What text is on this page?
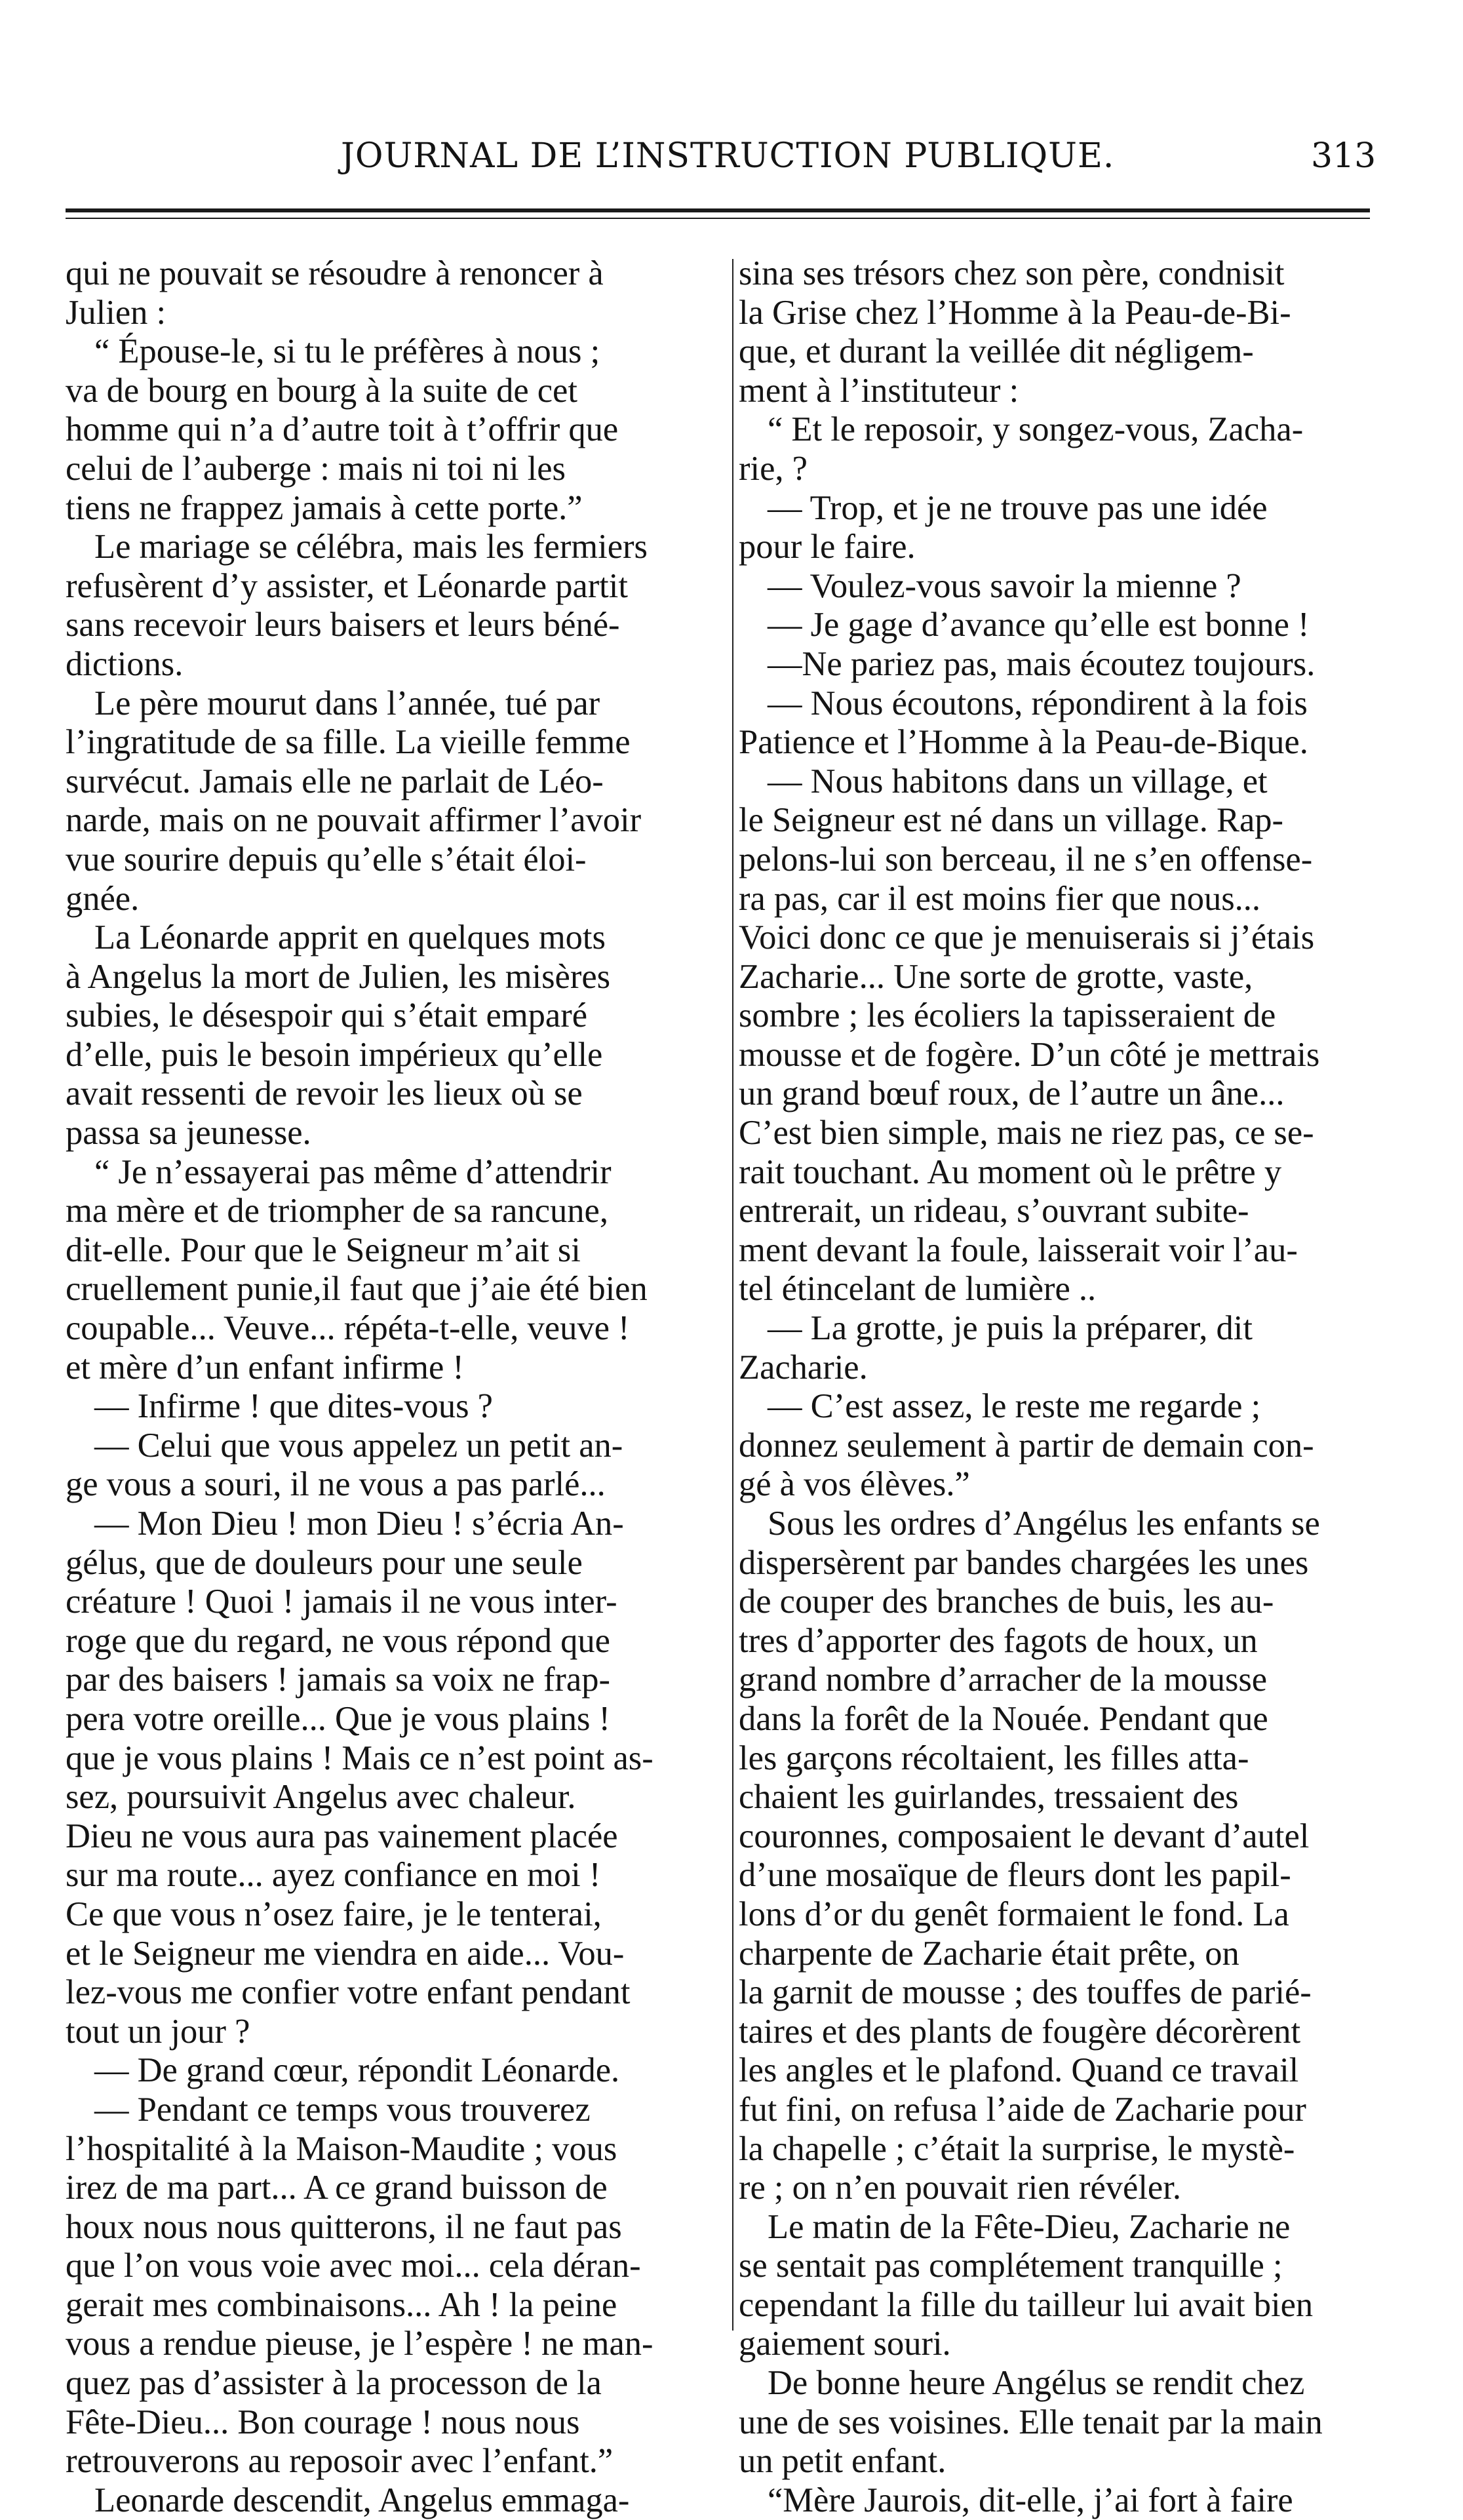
JOURNAL DE L’INSTRUCTION PUBLIQUE.	313
qui ne pouvait se résoudre à renoncer à
Julien :
“ Épouse-le, si tu le préfères à nous ;
va de bourg en bourg à la suite de cet
homme qui n’a d’autre toit à t’offrir que
celui de l’auberge : mais ni toi ni les
tiens ne frappez jamais à cette porte.”
Le mariage se célébra, mais les fermiers
refusèrent d’y assister, et Léonarde partit
sans recevoir leurs baisers et leurs béné-
dictions.
Le père mourut dans l’année, tué par
l’ingratitude de sa fille. La vieille femme
survécut. Jamais elle ne parlait de Léo-
narde, mais on ne pouvait affirmer l’avoir
vue sourire depuis qu’elle s’était éloi-
gnée.
La Léonarde apprit en quelques mots
à Angelus la mort de Julien, les misères
subies, le désespoir qui s’était emparé
d’elle, puis le besoin impérieux qu’elle
avait ressenti de revoir les lieux où se
passa sa jeunesse.
“ Je n’essayerai pas même d’attendrir
ma mère et de triompher de sa rancune,
dit-elle. Pour que le Seigneur m’ait si
cruellement punie,il faut que j’aie été bien
coupable... Veuve... répéta-t-elle, veuve !
et mère d’un enfant infirme !
— Infirme ! que dites-vous ?
— Celui que vous appelez un petit an-
ge vous a souri, il ne vous a pas parlé...
— Mon Dieu ! mon Dieu ! s’écria An-
gélus, que de douleurs pour une seule
créature ! Quoi ! jamais il ne vous inter-
roge que du regard, ne vous répond que
par des baisers ! jamais sa voix ne frap-
pera votre oreille... Que je vous plains !
que je vous plains ! Mais ce n’est point as-
sez, poursuivit Angelus avec chaleur.
Dieu ne vous aura pas vainement placée
sur ma route... ayez confiance en moi !
Ce que vous n’osez faire, je le tenterai,
et le Seigneur me viendra en aide... Vou-
lez-vous me confier votre enfant pendant
tout un jour ?
— De grand cœur, répondit Léonarde.
— Pendant ce temps vous trouverez
l’hospitalité à la Maison-Maudite ; vous
irez de ma part... A ce grand buisson de
houx nous nous quitterons, il ne faut pas
que l’on vous voie avec moi... cela déran-
gerait mes combinaisons... Ah ! la peine
vous a rendue pieuse, je l’espère ! ne man-
quez pas d’assister à la processon de la
Fête-Dieu... Bon courage ! nous nous
retrouverons au reposoir avec l’enfant.”
Leonarde descendit, Angelus emmaga-
sina ses trésors chez son père, condnisit
la Grise chez l’Homme à la Peau-de-Bi-
que, et durant la veillée dit négligem-
ment à l’instituteur :
“ Et le reposoir, y songez-vous, Zacha-
rie, ?
— Trop, et je ne trouve pas une idée
pour le faire.
— Voulez-vous savoir la mienne ?
— Je gage d’avance qu’elle est bonne !
—Ne pariez pas, mais écoutez toujours.
— Nous écoutons, répondirent à la fois
Patience et l’Homme à la Peau-de-Bique.
— Nous habitons dans un village, et
le Seigneur est né dans un village. Rap-
pelons-lui son berceau, il ne s’en offense-
ra pas, car il est moins fier que nous...
Voici donc ce que je menuiserais si j’étais
Zacharie... Une sorte de grotte, vaste,
sombre ; les écoliers la tapisseraient de
mousse et de fogère. D’un côté je mettrais
un grand bœuf roux, de l’autre un âne...
C’est bien simple, mais ne riez pas, ce se-
rait touchant. Au moment où le prêtre y
entrerait, un rideau, s’ouvrant subite-
ment devant la foule, laisserait voir l’au-
tel étincelant de lumière ..
— La grotte, je puis la préparer, dit
Zacharie.
— C’est assez, le reste me regarde ;
donnez seulement à partir de demain con-
gé à vos élèves.”
Sous les ordres d’Angélus les enfants se
dispersèrent par bandes chargées les unes
de couper des branches de buis, les au-
tres d’apporter des fagots de houx, un
grand nombre d’arracher de la mousse
dans la forêt de la Nouée. Pendant que
les garçons récoltaient, les filles atta-
chaient les guirlandes, tressaient des
couronnes, composaient le devant d’autel
d’une mosaïque de fleurs dont les papil-
lons d’or du genêt formaient le fond. La
charpente de Zacharie était prête, on
la garnit de mousse ; des touffes de parié-
taires et des plants de fougère décorèrent
les angles et le plafond. Quand ce travail
fut fini, on refusa l’aide de Zacharie pour
la chapelle ; c’était la surprise, le mystè-
re ; on n’en pouvait rien révéler.
Le matin de la Fête-Dieu, Zacharie ne
se sentait pas complétement tranquille ;
cependant la fille du tailleur lui avait bien
gaiement souri.
De bonne heure Angélus se rendit chez
une de ses voisines. Elle tenait par la main
un petit enfant.
“Mère Jaurois, dit-elle, j’ai fort à faire
